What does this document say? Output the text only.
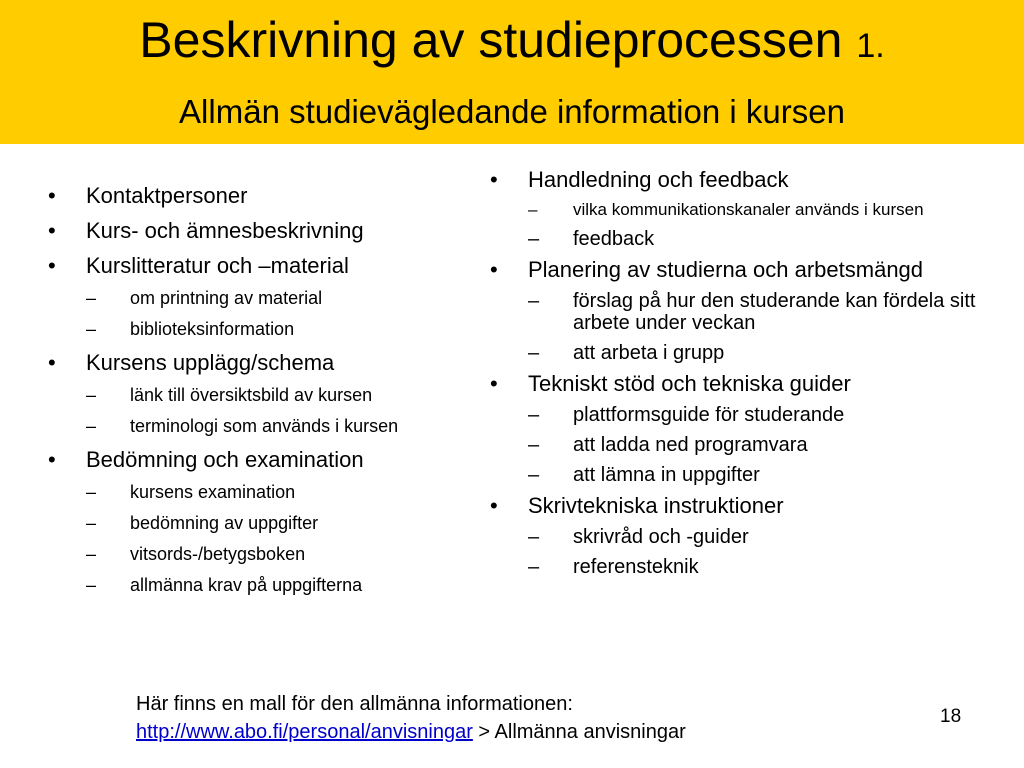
Beskrivning av studieprocessen 1.
Allmän studievägledande information i kursen
• Kontaktpersoner
• Kurs- och ämnesbeskrivning
• Kurslitteratur och –material
– om printning av material
– biblioteksinformation
• Kursens upplägg/schema
– länk till översiktsbild av kursen
– terminologi som används i kursen
• Bedömning och examination
– kursens examination
– bedömning av uppgifter
– vitsords-/betygsboken
– allmänna krav på uppgifterna
• Handledning och feedback
– vilka kommunikationskanaler används i kursen
– feedback
• Planering av studierna och arbetsmängd
– förslag på hur den studerande kan fördela sitt arbete under veckan
– att arbeta i grupp
• Tekniskt stöd och tekniska guider
– plattformsguide för studerande
– att ladda ned programvara
– att lämna in uppgifter
• Skrivtekniska instruktioner
– skrivråd och -guider
– referensteknik
Här finns en mall för den allmänna informationen:
http://www.abo.fi/personal/anvisningar > Allmänna anvisningar
18
